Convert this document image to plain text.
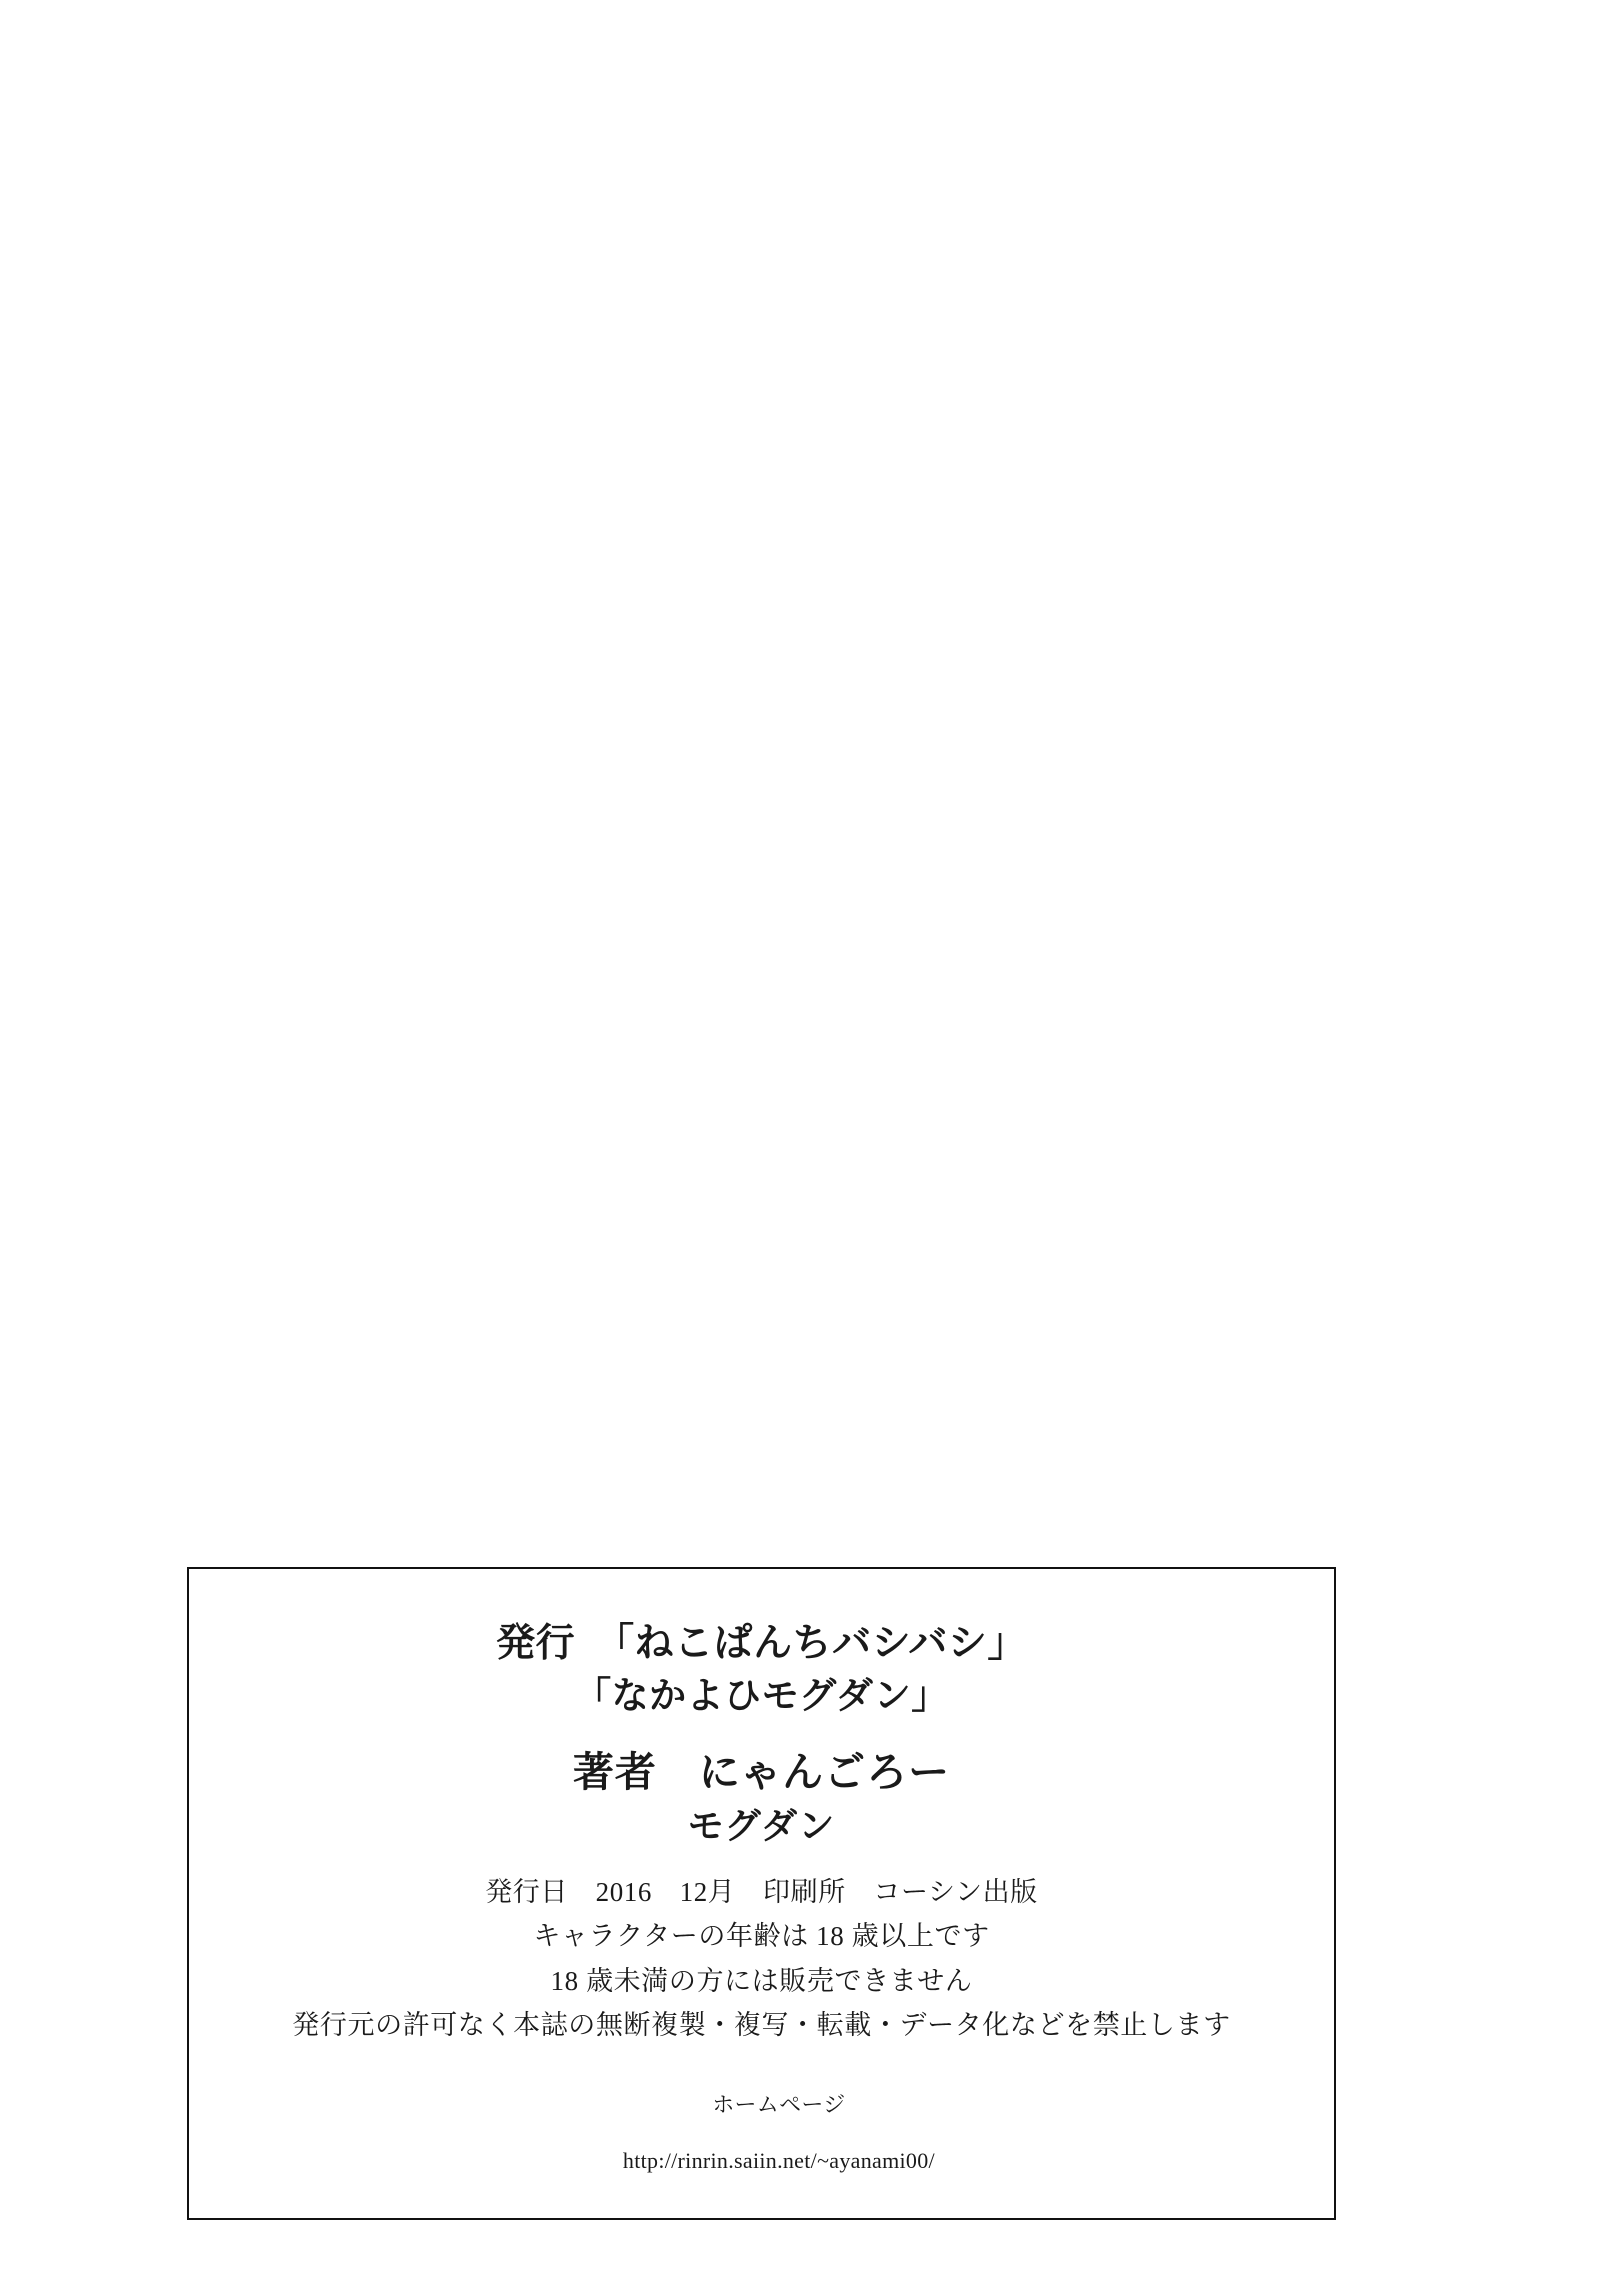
発行　「ねこぱんちバシバシ」
「なかよひモグダン」
著者　にゃんごろー
モグダン
発行日　2016　12月　印刷所　コーシン出版
キャラクターの年齢は 18 歳以上です
18 歳未満の方には販売できません
発行元の許可なく本誌の無断複製・複写・転載・データ化などを禁止します

ホームページ

http://rinrin.saiin.net/~ayanami00/
